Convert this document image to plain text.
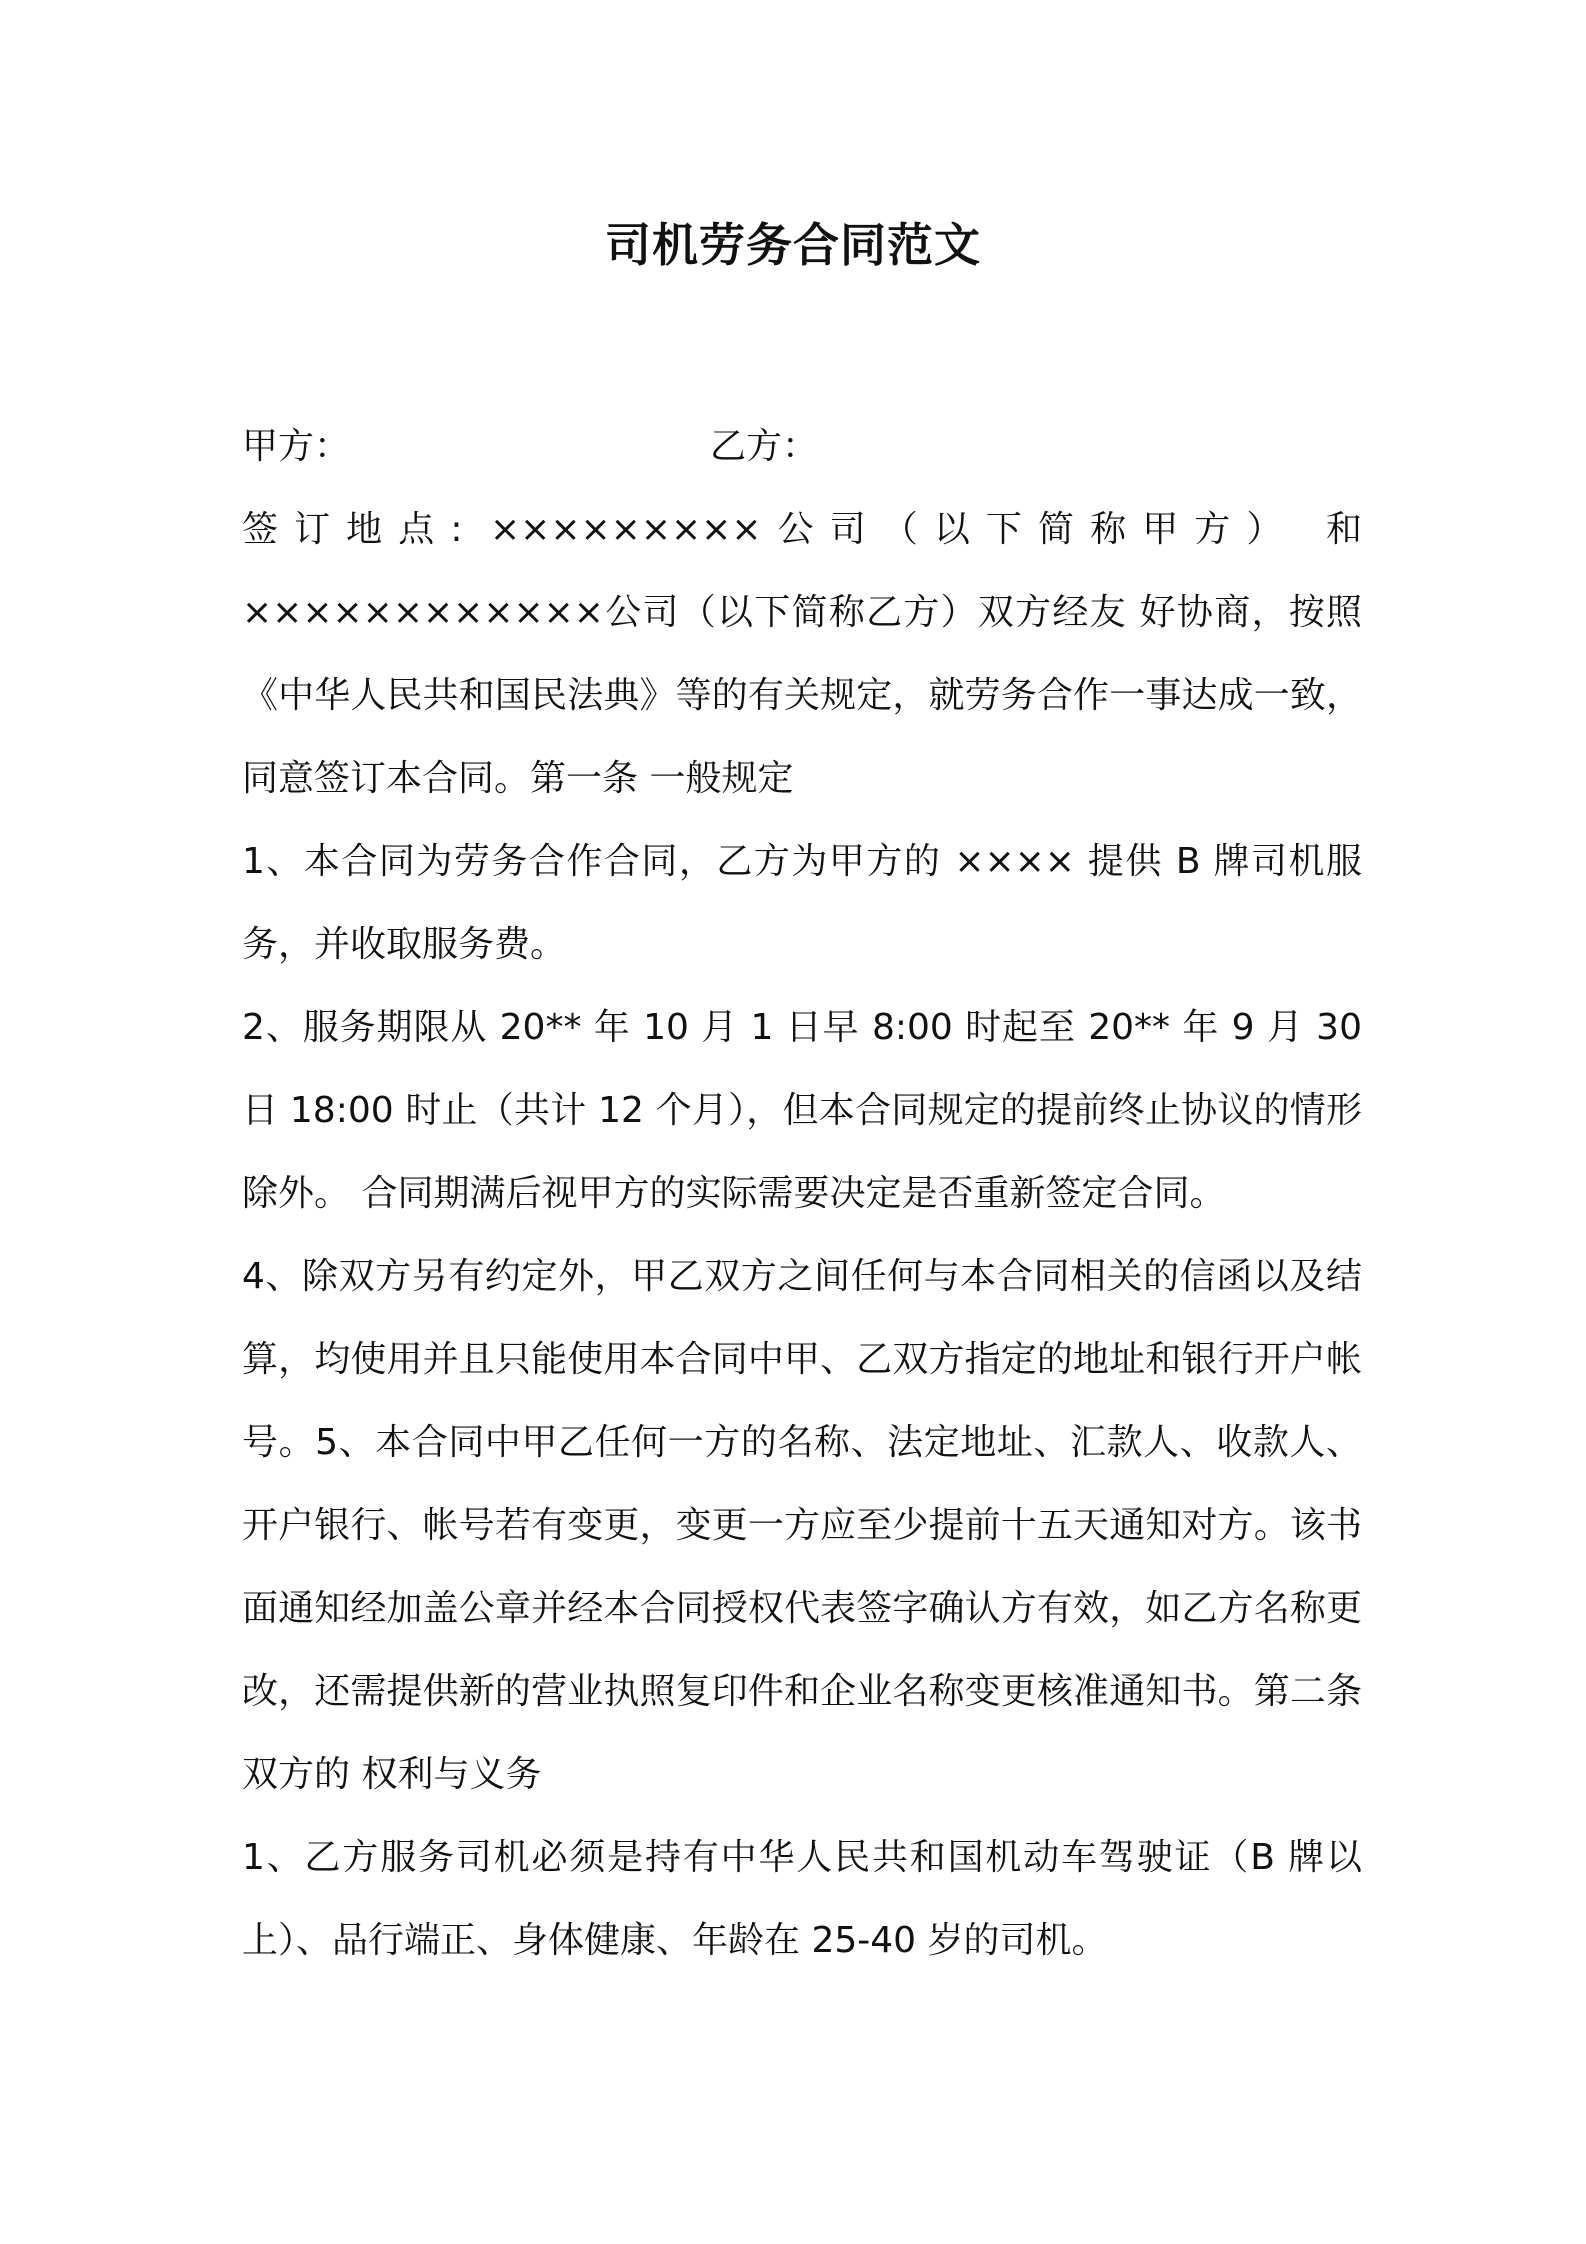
司机劳务合同范文
甲方：	乙方：

签订地点: ×××××××××公司（以下简称甲方） 和 ××××××××××××公司（以下简称乙方）双方经友 好协商，按照《中华人民共和国民法典》等的有关规定，就劳务合作一事达成一致，同意签订本合同。第一条 一般规定

1、本合同为劳务合作合同，乙方为甲方的 ×××× 提供 B 牌司机服务，并收取服务费。

2、服务期限从 20** 年 10 月 1 日早 8:00 时起至 20** 年 9 月 30 日 18:00 时止（共计 12 个月），但本合同规定的提前终止协议的情形除外。 合同期满后视甲方的实际需要决定是否重新签定合同。

4、除双方另有约定外，甲乙双方之间任何与本合同相关的信函以及结算，均使用并且只能使用本合同中甲、乙双方指定的地址和银行开户帐号。5、本合同中甲乙任何一方的名称、法定地址、汇款人、收款人、开户银行、帐号若有变更，变更一方应至少提前十五天通知对方。该书面通知经加盖公章并经本合同授权代表签字确认方有效，如乙方名称更改，还需提供新的营业执照复印件和企业名称变更核准通知书。第二条 双方的 权利与义务

1、乙方服务司机必须是持有中华人民共和国机动车驾驶证（B 牌以上）、品行端正、身体健康、年龄在 25-40 岁的司机。
